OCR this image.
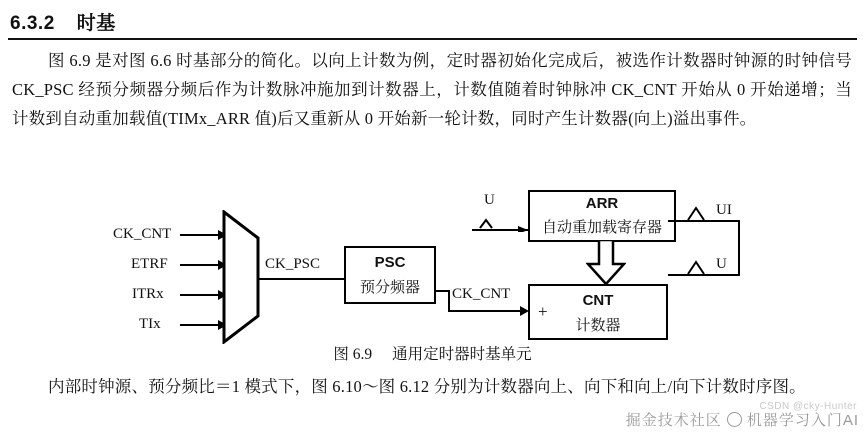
6.3.2 时基
图 6.9 是对图 6.6 时基部分的简化。以向上计数为例，定时器初始化完成后，被选作计数器时钟源的时钟信号 CK_PSC 经预分频器分频后作为计数脉冲施加到计数器上，计数值随着时钟脉冲 CK_CNT 开始从 0 开始递增；当计数到自动重加载值(TIMx_ARR 值)后又重新从 0 开始新一轮计数，同时产生计数器(向上)溢出事件。
CK_CNT
ETRF
ITRx
TIx
CK_PSC	PSC
预分频器	CK_CNT	CNT
计数器
+
ARR
自动重加载寄存器
U
UI
U
图 6.9 通用定时器时基单元
内部时钟源、预分频比＝1 模式下，图 6.10～图 6.12 分别为计数器向上、向下和向上/向下计数时序图。
掘金技术社区 机器学习入门AI
CSDN @cky-Hunter
